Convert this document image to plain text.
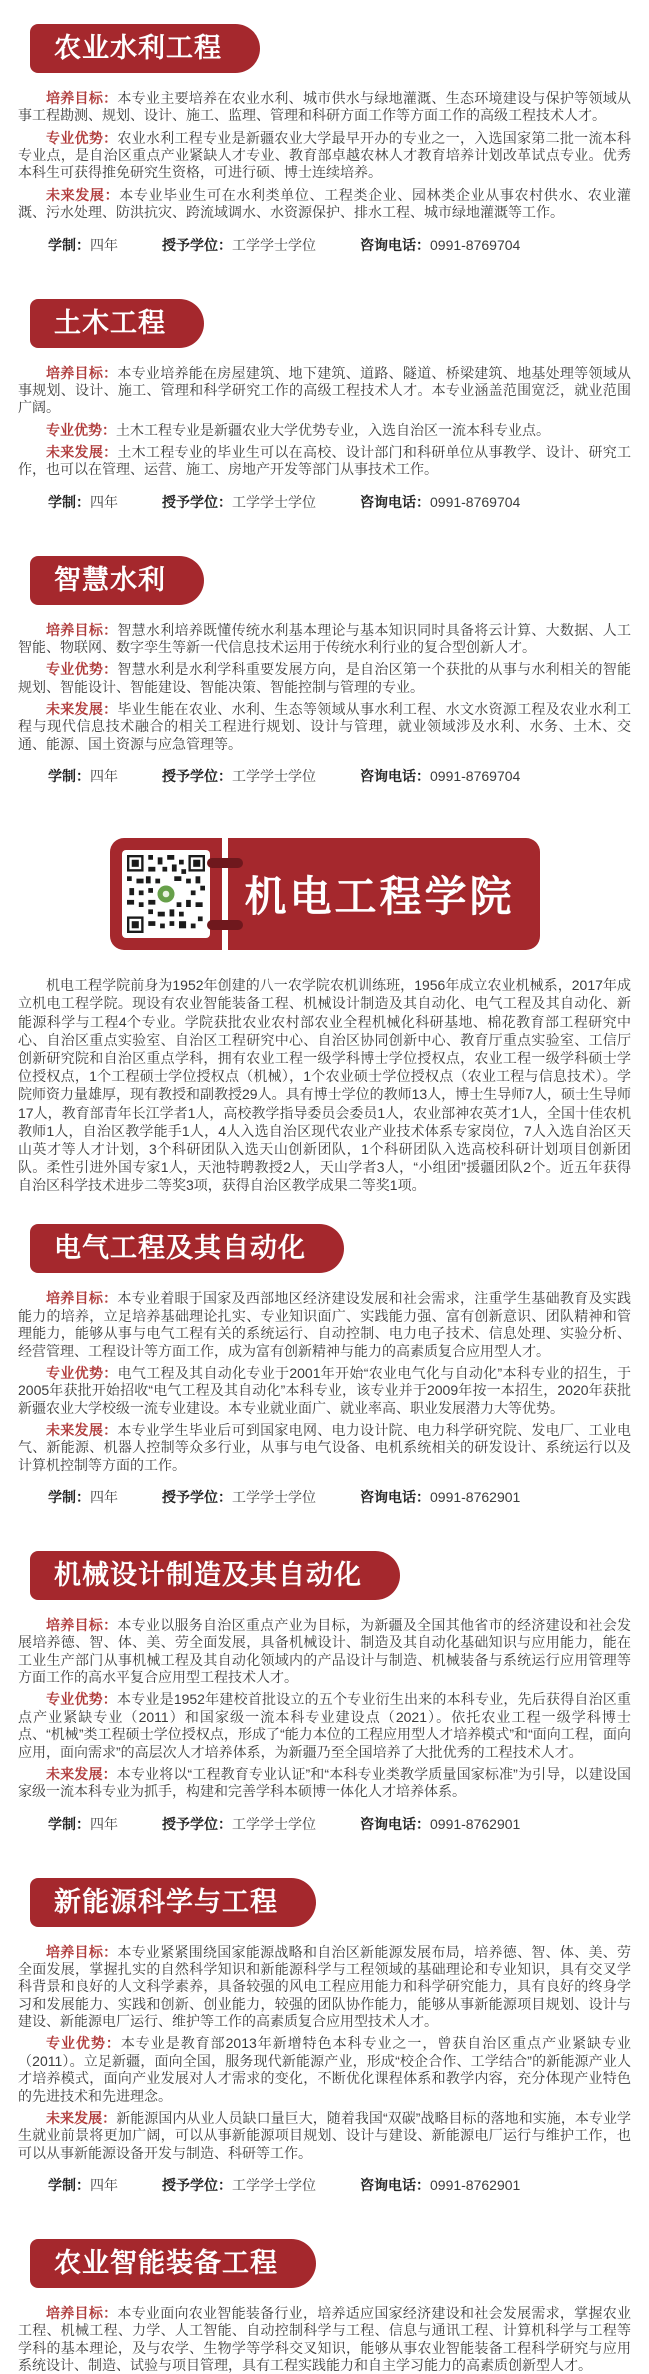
农业水利工程

培养目标：本专业主要培养在农业水利、城市供水与绿地灌溉、生态环境建设与保护等领域从事工程勘测、规划、设计、施工、监理、管理和科研方面工作等方面工作的高级工程技术人才。

专业优势：农业水利工程专业是新疆农业大学最早开办的专业之一，入选国家第二批一流本科专业点，是自治区重点产业紧缺人才专业、教育部卓越农林人才教育培养计划改革试点专业。优秀本科生可获得推免研究生资格，可进行硕、博士连续培养。

未来发展：本专业毕业生可在水利类单位、工程类企业、园林类企业从事农村供水、农业灌溉、污水处理、防洪抗灾、跨流域调水、水资源保护、排水工程、城市绿地灌溉等工作。

学制：四年	授予学位：工学学士学位	咨询电话：0991-8769704

土木工程

培养目标：本专业培养能在房屋建筑、地下建筑、道路、隧道、桥梁建筑、地基处理等领域从事规划、设计、施工、管理和科学研究工作的高级工程技术人才。本专业涵盖范围宽泛，就业范围广阔。

专业优势：土木工程专业是新疆农业大学优势专业，入选自治区一流本科专业点。

未来发展：土木工程专业的毕业生可以在高校、设计部门和科研单位从事教学、设计、研究工作，也可以在管理、运营、施工、房地产开发等部门从事技术工作。

学制：四年	授予学位：工学学士学位	咨询电话：0991-8769704

智慧水利

培养目标：智慧水利培养既懂传统水利基本理论与基本知识同时具备将云计算、大数据、人工智能、物联网、数字孪生等新一代信息技术运用于传统水利行业的复合型创新人才。

专业优势：智慧水利是水利学科重要发展方向，是自治区第一个获批的从事与水利相关的智能规划、智能设计、智能建设、智能决策、智能控制与管理的专业。

未来发展：毕业生能在农业、水利、生态等领域从事水利工程、水文水资源工程及农业水利工程与现代信息技术融合的相关工程进行规划、设计与管理，就业领域涉及水利、水务、土木、交通、能源、国土资源与应急管理等。

学制：四年	授予学位：工学学士学位	咨询电话：0991-8769704

机电工程学院

机电工程学院前身为1952年创建的八一农学院农机训练班，1956年成立农业机械系，2017年成立机电工程学院。现设有农业智能装备工程、机械设计制造及其自动化、电气工程及其自动化、新能源科学与工程4个专业。学院获批农业农村部农业全程机械化科研基地、棉花教育部工程研究中心、自治区重点实验室、自治区工程研究中心、自治区协同创新中心、教育厅重点实验室、工信厅创新研究院和自治区重点学科，拥有农业工程一级学科博士学位授权点，农业工程一级学科硕士学位授权点，1个工程硕士学位授权点（机械），1个农业硕士学位授权点（农业工程与信息技术）。学院师资力量雄厚，现有教授和副教授29人。具有博士学位的教师13人，博士生导师7人，硕士生导师17人，教育部青年长江学者1人，高校教学指导委员会委员1人，农业部神农英才1人，全国十佳农机教师1人，自治区教学能手1人，4人入选自治区现代农业产业技术体系专家岗位，7人入选自治区天山英才等人才计划，3个科研团队入选天山创新团队，1个科研团队入选高校科研计划项目创新团队。柔性引进外国专家1人，天池特聘教授2人，天山学者3人，“小组团”援疆团队2个。近五年获得自治区科学技术进步二等奖3项，获得自治区教学成果二等奖1项。

电气工程及其自动化

培养目标：本专业着眼于国家及西部地区经济建设发展和社会需求，注重学生基础教育及实践能力的培养，立足培养基础理论扎实、专业知识面广、实践能力强、富有创新意识、团队精神和管理能力，能够从事与电气工程有关的系统运行、自动控制、电力电子技术、信息处理、实验分析、经营管理、工程设计等方面工作，成为富有创新精神与能力的高素质复合应用型人才。

专业优势：电气工程及其自动化专业于2001年开始“农业电气化与自动化”本科专业的招生，于2005年获批开始招收“电气工程及其自动化”本科专业，该专业并于2009年按一本招生，2020年获批新疆农业大学校级一流专业建设。本专业就业面广、就业率高、职业发展潜力大等优势。

未来发展：本专业学生毕业后可到国家电网、电力设计院、电力科学研究院、发电厂、工业电气、新能源、机器人控制等众多行业，从事与电气设备、电机系统相关的研发设计、系统运行以及计算机控制等方面的工作。

学制：四年	授予学位：工学学士学位	咨询电话：0991-8762901

机械设计制造及其自动化

培养目标：本专业以服务自治区重点产业为目标，为新疆及全国其他省市的经济建设和社会发展培养德、智、体、美、劳全面发展，具备机械设计、制造及其自动化基础知识与应用能力，能在工业生产部门从事机械工程及其自动化领域内的产品设计与制造、机械装备与系统运行应用管理等方面工作的高水平复合应用型工程技术人才。

专业优势：本专业是1952年建校首批设立的五个专业衍生出来的本科专业，先后获得自治区重点产业紧缺专业（2011）和国家级一流本科专业建设点（2021）。依托农业工程一级学科博士点、“机械”类工程硕士学位授权点，形成了“能力本位的工程应用型人才培养模式”和“面向工程，面向应用，面向需求”的高层次人才培养体系，为新疆乃至全国培养了大批优秀的工程技术人才。

未来发展：本专业将以“工程教育专业认证”和“本科专业类教学质量国家标准”为引导，以建设国家级一流本科专业为抓手，构建和完善学科本硕博一体化人才培养体系。

学制：四年	授予学位：工学学士学位	咨询电话：0991-8762901

新能源科学与工程

培养目标：本专业紧紧围绕国家能源战略和自治区新能源发展布局，培养德、智、体、美、劳全面发展，掌握扎实的自然科学知识和新能源科学与工程领域的基础理论和专业知识，具有交叉学科背景和良好的人文科学素养，具备较强的风电工程应用能力和科学研究能力，具有良好的终身学习和发展能力、实践和创新、创业能力，较强的团队协作能力，能够从事新能源项目规划、设计与建设、新能源电厂运行、维护等工作的高素质复合应用型技术人才。

专业优势：本专业是教育部2013年新增特色本科专业之一，曾获自治区重点产业紧缺专业（2011）。立足新疆，面向全国，服务现代新能源产业，形成“校企合作、工学结合”的新能源产业人才培养模式，面向产业发展对人才需求的变化，不断优化课程体系和教学内容，充分体现产业特色的先进技术和先进理念。

未来发展：新能源国内从业人员缺口量巨大，随着我国“双碳”战略目标的落地和实施，本专业学生就业前景将更加广阔，可以从事新能源项目规划、设计与建设、新能源电厂运行与维护工作，也可以从事新能源设备开发与制造、科研等工作。

学制：四年	授予学位：工学学士学位	咨询电话：0991-8762901

农业智能装备工程

培养目标：本专业面向农业智能装备行业，培养适应国家经济建设和社会发展需求，掌握农业工程、机械工程、力学、人工智能、自动控制科学与工程、信息与通讯工程、计算机科学与工程等学科的基本理论，及与农学、生物学等学科交叉知识，能够从事农业智能装备工程科学研究与应用系统设计、制造、试验与项目管理，具有工程实践能力和自主学习能力的高素质创新型人才。
